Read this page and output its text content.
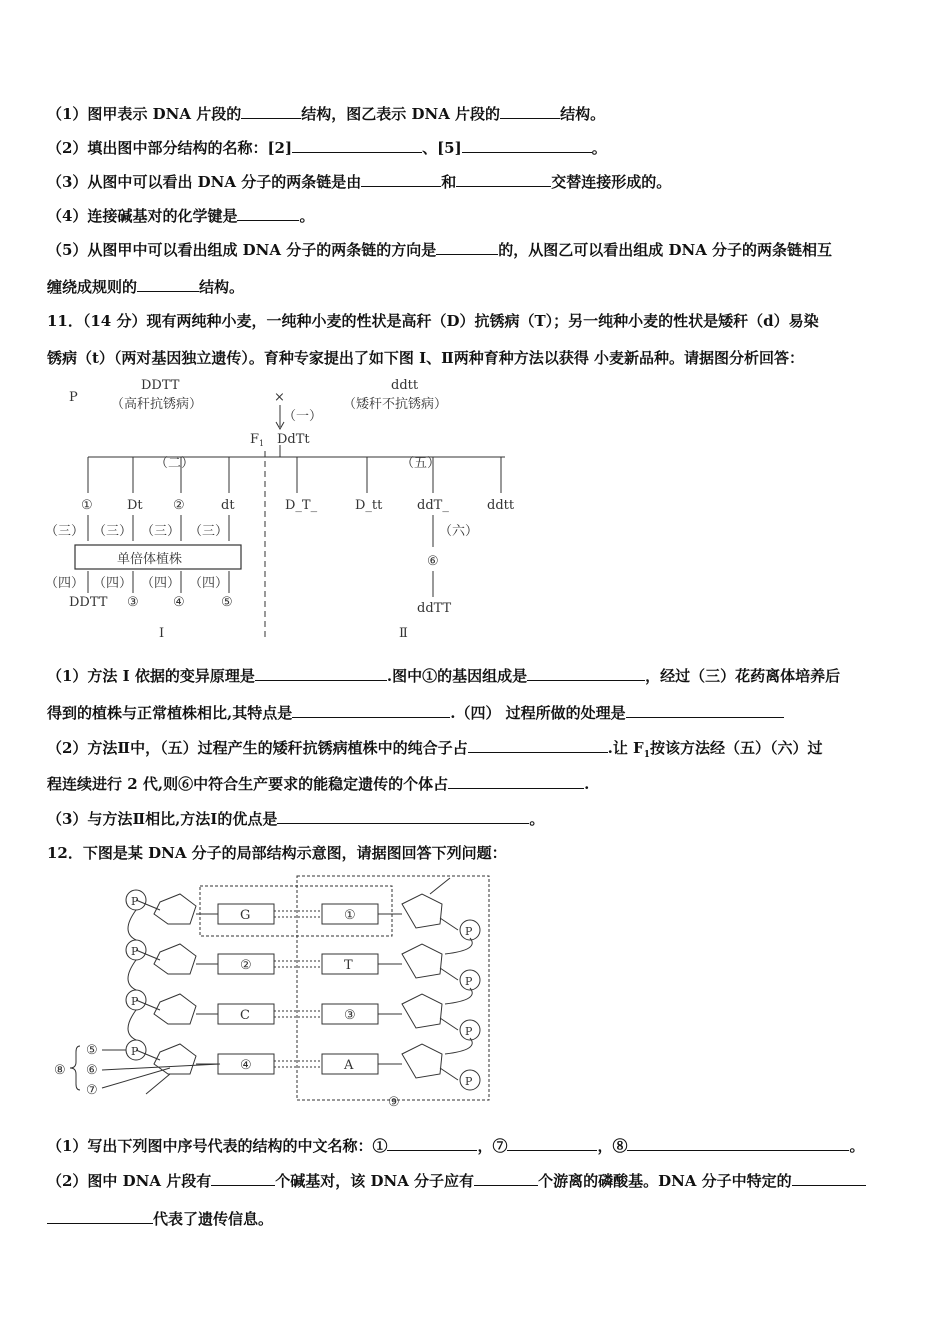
（1）图甲表示 DNA 片段的	结构，图乙表示 DNA 片段的	结构。
（2）填出图中部分结构的名称：[2]	、[5]	。
（3）从图中可以看出 DNA 分子的两条链是由	和	交替连接形成的。
（4）连接碱基对的化学键是	。
（5）从图甲中可以看出组成 DNA 分子的两条链的方向是	的，从图乙可以看出组成 DNA 分子的两条链相互
缠绕成规则的	结构。
11．（14 分）现有两纯种小麦，一纯种小麦的性状是高秆（D）抗锈病（T）；另一纯种小麦的性状是矮秆（d）易染
锈病（t）（两对基因独立遗传）。育种专家提出了如下图 I、Ⅱ两种育种方法以获得 小麦新品种。请据图分析回答：
P
DDTT
（高秆抗锈病）	×
ddtt
（矮秆不抗锈病）
（一）
$F_1$ DdTt
（二）	（五）
①	Dt ②	dt
（三） （三） （三） （三）
单倍体植株
（四） （四） （四） （四）
DDTT ③	④	⑤
D_T_	D_tt	ddT_	ddtt
（六）
⑥
ddTT
I	Ⅱ
（1）方法 I 依据的变异原理是	.图中①的基因组成是	，经过（三）花药离体培养后
得到的植株与正常植株相比,其特点是	.（四） 过程所做的处理是
（2）方法Ⅱ中，（五）过程产生的矮秆抗锈病植株中的纯合子占	.让 $F_1$按该方法经（五）（六）过
程连续进行 2 代,则⑥中符合生产要求的能稳定遗传的个体占	.
（3）与方法Ⅱ相比,方法Ⅰ的优点是	。
12．下图是某 DNA 分子的局部结构示意图，请据图回答下列问题：
P
P
P
P
P
P
P
P
G
②
C
④
①
T
③
A
⑤
⑥
⑦
⑧
⑨
（1）写出下列图中序号代表的结构的中文名称：①	，⑦	，⑧	。
（2）图中 DNA 片段有	个碱基对，该 DNA 分子应有	个游离的磷酸基。DNA 分子中特定的
代表了遗传信息。
